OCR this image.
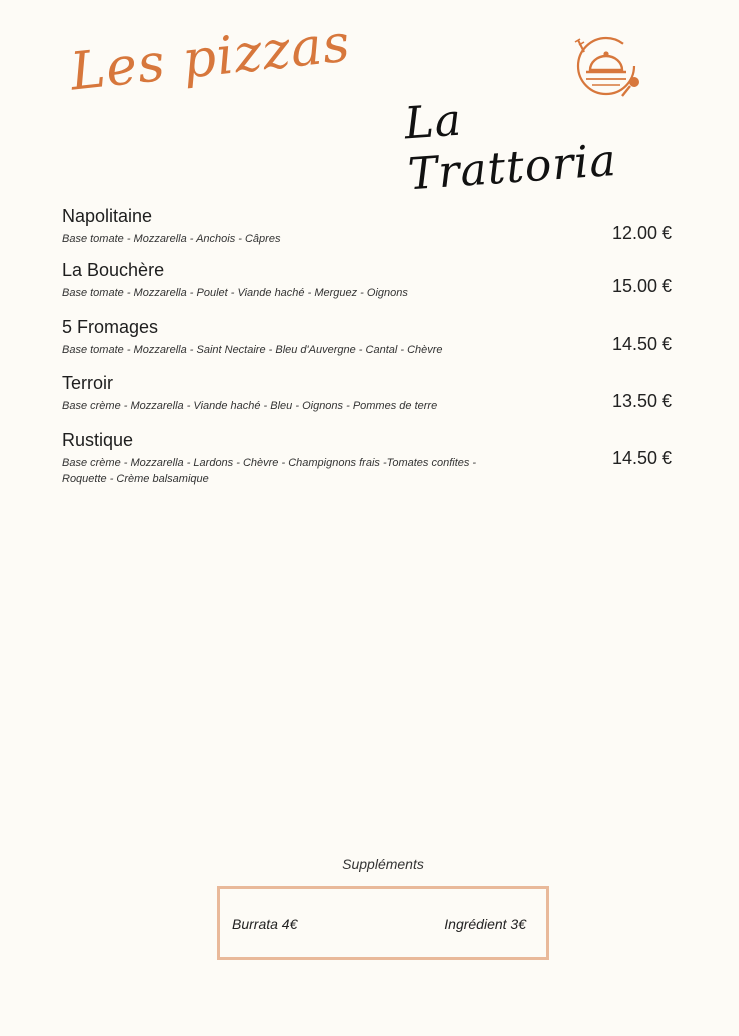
Les pizzas
La Trattoria
Napolitaine
Base tomate - Mozzarella - Anchois - Câpres	12.00 €
La Bouchère
Base tomate - Mozzarella - Poulet - Viande haché - Merguez - Oignons	15.00 €
5 Fromages
Base tomate - Mozzarella - Saint Nectaire - Bleu d'Auvergne - Cantal - Chèvre	14.50 €
Terroir
Base crème - Mozzarella - Viande haché - Bleu - Oignons - Pommes de terre	13.50 €
Rustique
Base crème - Mozzarella - Lardons - Chèvre - Champignons frais -Tomates confites - Roquette - Crème balsamique
14.50 €
Suppléments
Burrata 4€	Ingrédient 3€
